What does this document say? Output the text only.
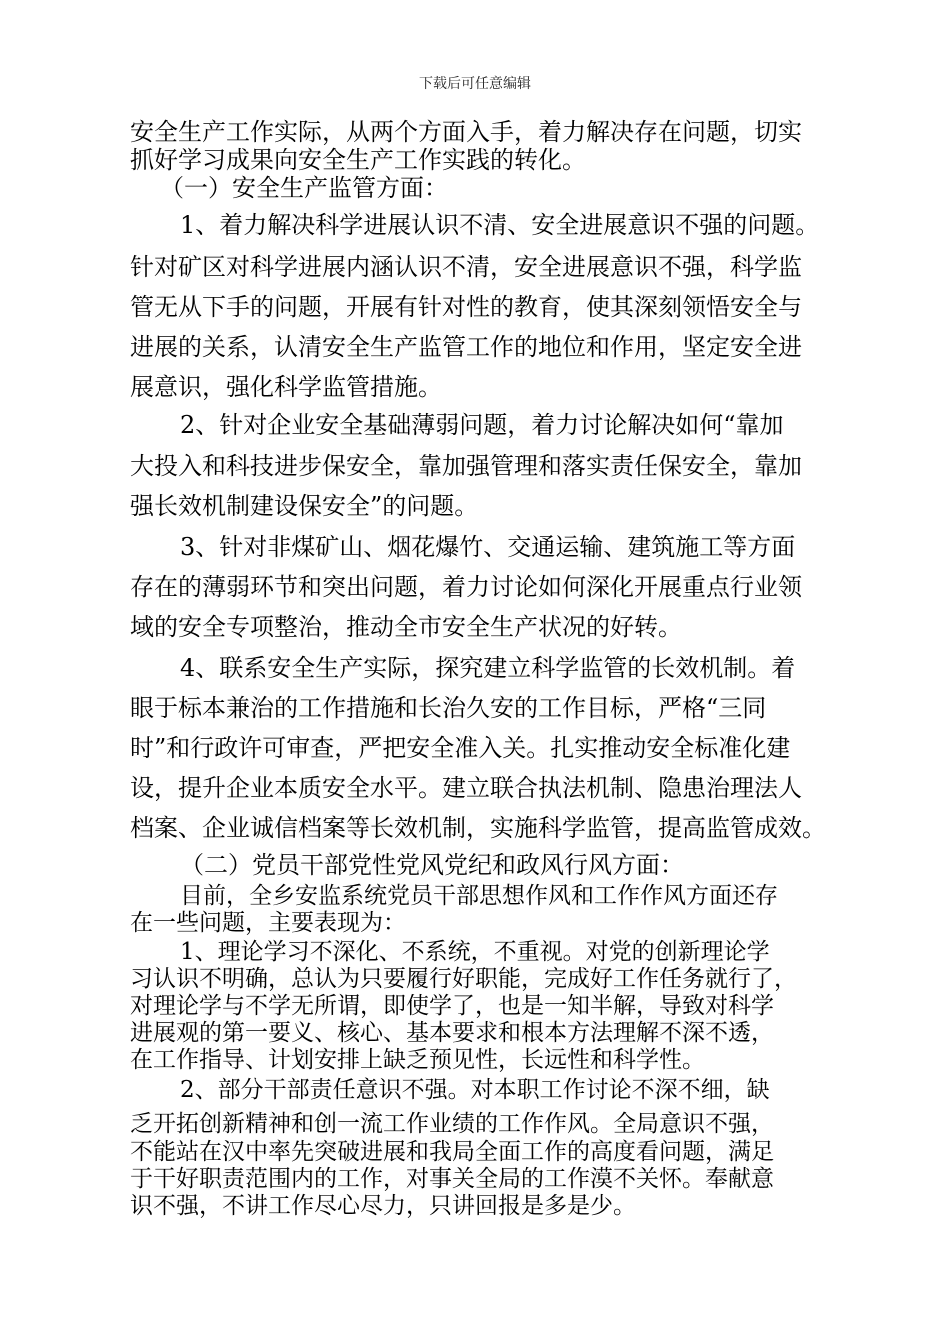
下载后可任意编辑
安全生产工作实际，从两个方面入手，着力解决存在问题，切实
抓好学习成果向安全生产工作实践的转化。
（一）安全生产监管方面：
1、着力解决科学进展认识不清、安全进展意识不强的问题。
针对矿区对科学进展内涵认识不清，安全进展意识不强，科学监
管无从下手的问题，开展有针对性的教育，使其深刻领悟安全与
进展的关系，认清安全生产监管工作的地位和作用，坚定安全进
展意识，强化科学监管措施。
2、针对企业安全基础薄弱问题，着力讨论解决如何“靠加
大投入和科技进步保安全，靠加强管理和落实责任保安全，靠加
强长效机制建设保安全”的问题。
3、针对非煤矿山、烟花爆竹、交通运输、建筑施工等方面
存在的薄弱环节和突出问题，着力讨论如何深化开展重点行业领
域的安全专项整治，推动全市安全生产状况的好转。
4、联系安全生产实际，探究建立科学监管的长效机制。着
眼于标本兼治的工作措施和长治久安的工作目标，严格“三同
时”和行政许可审查，严把安全准入关。扎实推动安全标准化建
设，提升企业本质安全水平。建立联合执法机制、隐患治理法人
档案、企业诚信档案等长效机制，实施科学监管，提高监管成效。
（二）党员干部党性党风党纪和政风行风方面：
目前，全乡安监系统党员干部思想作风和工作作风方面还存
在一些问题，主要表现为：
1、理论学习不深化、不系统，不重视。对党的创新理论学
习认识不明确，总认为只要履行好职能，完成好工作任务就行了，
对理论学与不学无所谓，即使学了，也是一知半解，导致对科学
进展观的第一要义、核心、基本要求和根本方法理解不深不透，
在工作指导、计划安排上缺乏预见性，长远性和科学性。
2、部分干部责任意识不强。对本职工作讨论不深不细，缺
乏开拓创新精神和创一流工作业绩的工作作风。全局意识不强，
不能站在汉中率先突破进展和我局全面工作的高度看问题，满足
于干好职责范围内的工作，对事关全局的工作漠不关怀。奉献意
识不强，不讲工作尽心尽力，只讲回报是多是少。
